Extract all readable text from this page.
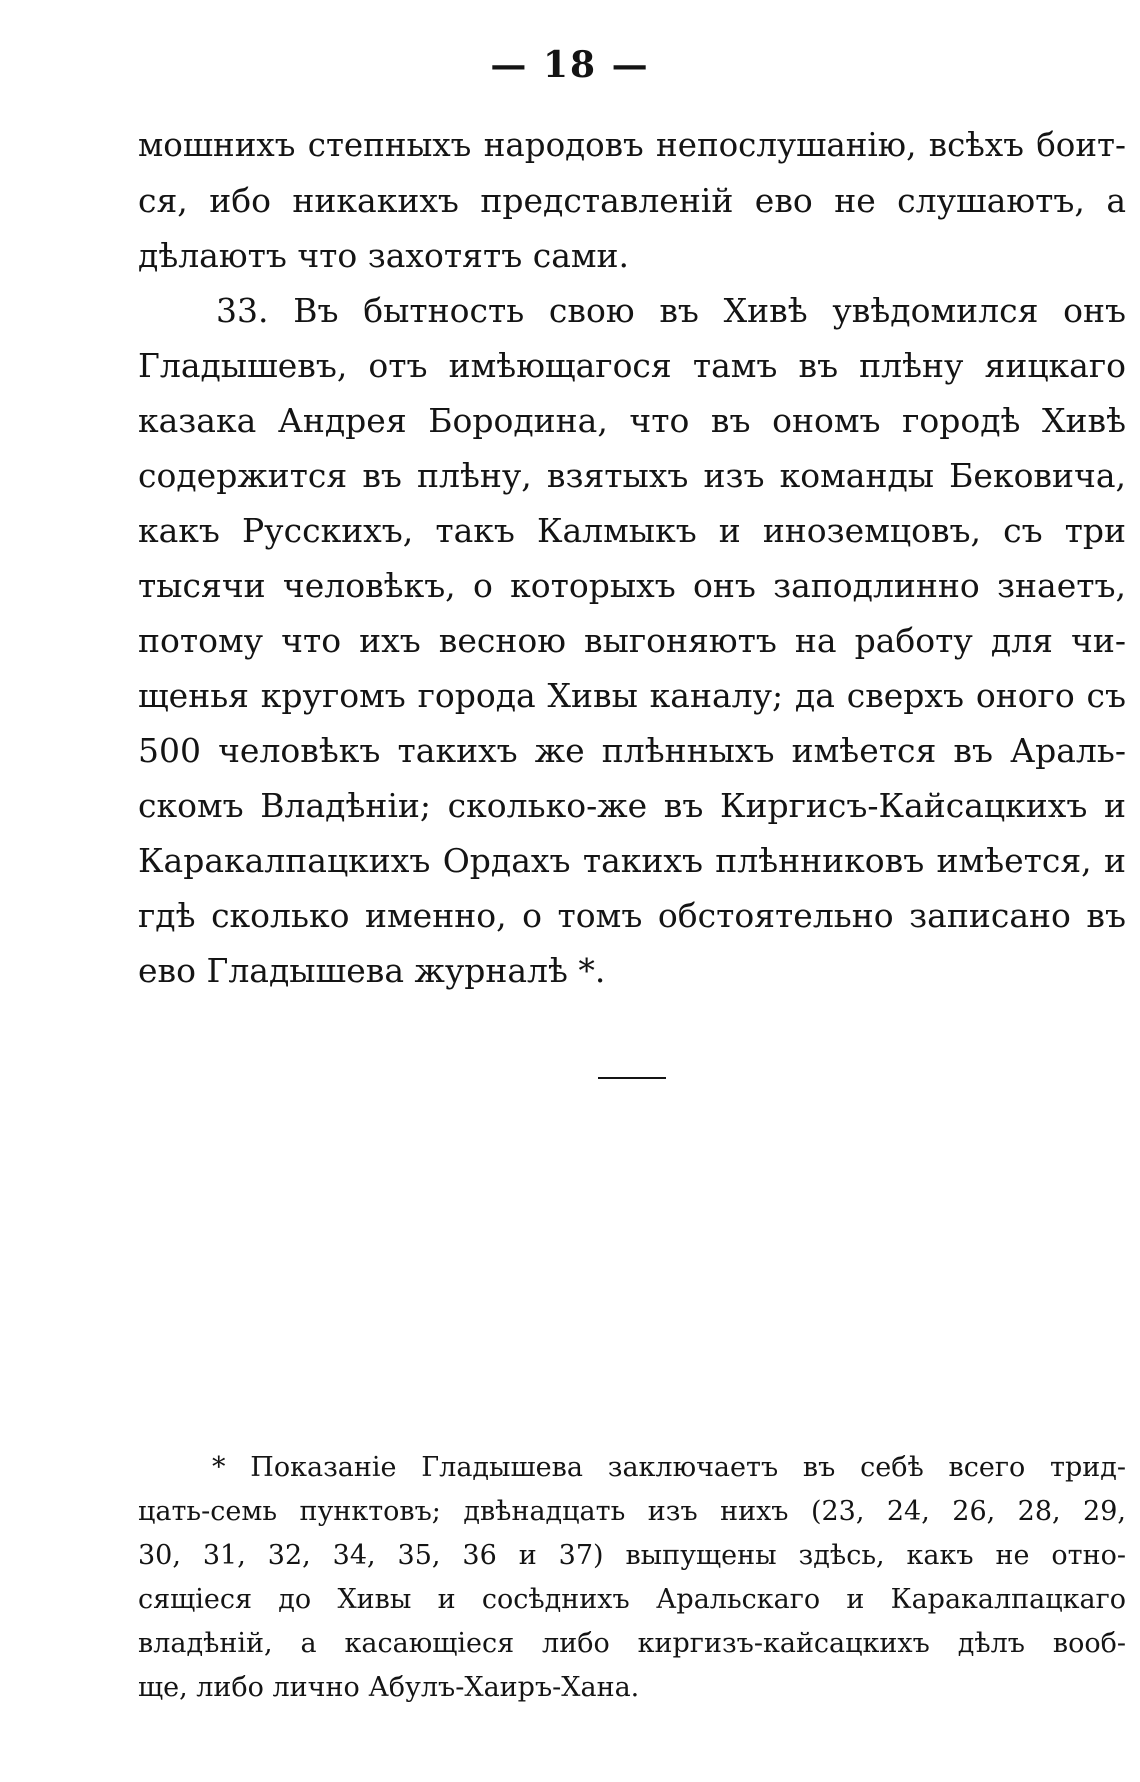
— 18 —
мошнихъ степныхъ народовъ непослушанiю, всѣхъ боит-
ся, ибо никакихъ представленiй ево не слушаютъ, а
дѣлаютъ что захотятъ сами.
33. Въ бытность свою въ Хивѣ увѣдомился онъ
Гладышевъ, отъ имѣющагося тамъ въ плѣну яицкаго
казака Андрея Бородина, что въ ономъ городѣ Хивѣ
содержится въ плѣну, взятыхъ изъ команды Бековича,
какъ Русскихъ, такъ Калмыкъ и иноземцовъ, съ три
тысячи человѣкъ, о которыхъ онъ заподлинно знаетъ,
потому что ихъ весною выгоняютъ на работу для чи-
щенья кругомъ города Хивы каналу; да сверхъ оного съ
500 человѣкъ такихъ же плѣнныхъ имѣется въ Араль-
скомъ Владѣнiи; сколько-же въ Киргисъ-Кайсацкихъ и
Каракалпацкихъ Ордахъ такихъ плѣнниковъ имѣется, и
гдѣ сколько именно, о томъ обстоятельно записано въ
ево Гладышева журналѣ *.
* Показанiе Гладышева заключаетъ въ себѣ всего трид-
цать-семь пунктовъ; двѣнадцать изъ нихъ (23, 24, 26, 28, 29,
30, 31, 32, 34, 35, 36 и 37) выпущены здѣсь, какъ не отно-
сящiеся до Хивы и сосѣднихъ Аральскаго и Каракалпацкаго
владѣнiй, а касающiеся либо киргизъ-кайсацкихъ дѣлъ вооб-
ще, либо лично Абулъ-Хаиръ-Хана.
